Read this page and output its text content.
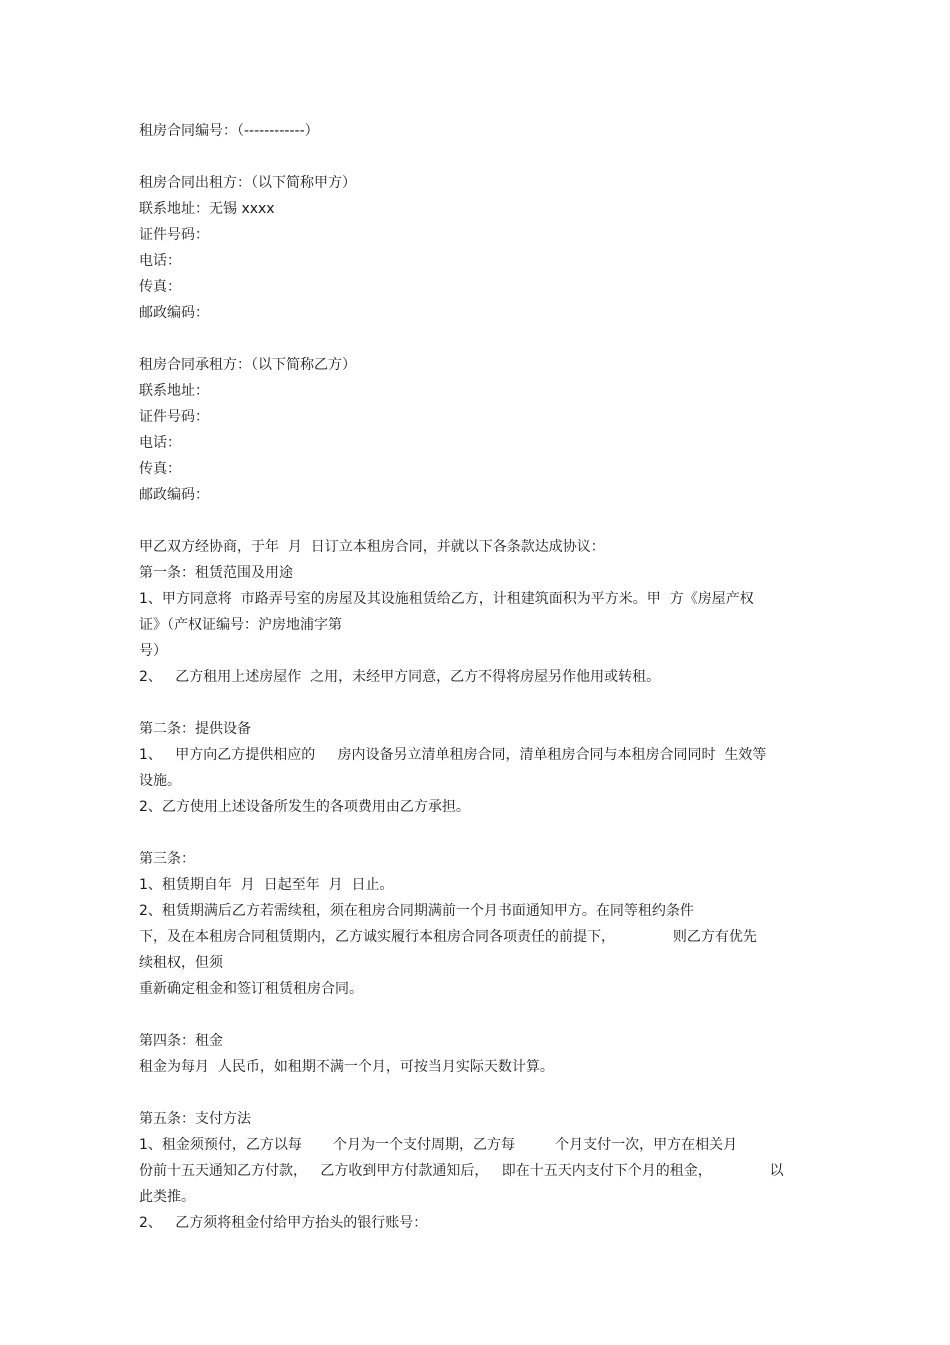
租房合同编号：（------------）
租房合同出租方：（以下简称甲方）
联系地址：无锡 xxxx
证件号码：
电话：
传真：
邮政编码：
租房合同承租方：（以下简称乙方）
联系地址：
证件号码：
电话：
传真：
邮政编码：
甲乙双方经协商，于年  月  日订立本租房合同，并就以下各条款达成协议：
第一条：租赁范围及用途
1、甲方同意将  市路弄号室的房屋及其设施租赁给乙方，计租建筑面积为平方米。甲  方《房屋产权
证》（产权证编号：沪房地浦字第
号）
2、   乙方租用上述房屋作  之用，未经甲方同意，乙方不得将房屋另作他用或转租。
第二条：提供设备
1、   甲方向乙方提供相应的     房内设备另立清单租房合同，清单租房合同与本租房合同同时  生效等
设施。
2、乙方使用上述设备所发生的各项费用由乙方承担。
第三条：
1、租赁期自年  月  日起至年  月  日止。
2、租赁期满后乙方若需续租，须在租房合同期满前一个月书面通知甲方。在同等租约条件
下，及在本租房合同租赁期内，乙方诚实履行本租房合同各项责任的前提下，             则乙方有优先
续租权，但须
重新确定租金和签订租赁租房合同。
第四条：租金
租金为每月  人民币，如租期不满一个月，可按当月实际天数计算。
第五条：支付方法
1、租金须预付，乙方以每       个月为一个支付周期，乙方每         个月支付一次，甲方在相关月
份前十五天通知乙方付款，   乙方收到甲方付款通知后，   即在十五天内支付下个月的租金，             以
此类推。
2、   乙方须将租金付给甲方抬头的银行账号：
